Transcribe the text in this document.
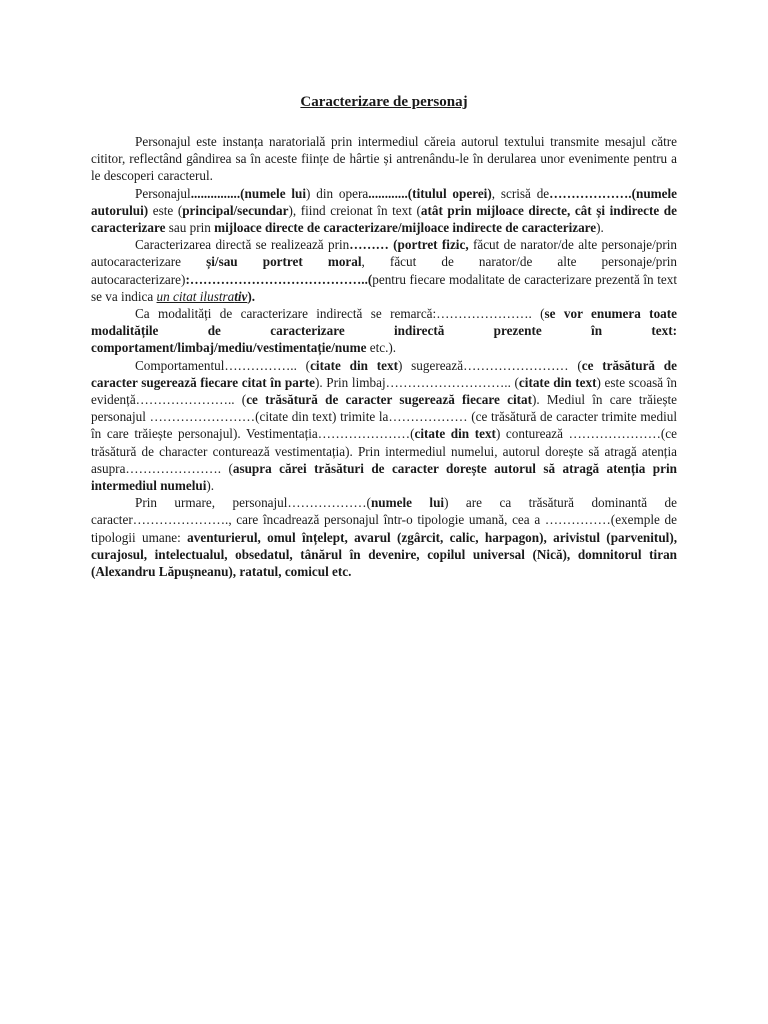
Caracterizare de personaj

Personajul este instanța naratorială prin intermediul căreia autorul textului transmite mesajul către cititor, reflectând gândirea sa în aceste ființe de hârtie și antrenându-le în derularea unor evenimente pentru a le descoperi caracterul.

Personajul...............(numele lui) din opera............(titulul operei), scrisă de……………….(numele autorului) este (principal/secundar), fiind creionat în text (atât prin mijloace directe, cât și indirecte de caracterizare sau prin mijloace directe de caracterizare/mijloace indirecte de caracterizare).

Caracterizarea directă se realizează prin……… (portret fizic, făcut de narator/de alte personaje/prin autocaracterizare și/sau portret moral, făcut de narator/de alte personaje/prin autocaracterizare):…………………………………..(pentru fiecare modalitate de caracterizare prezentă în text se va indica un citat ilustrativ).

Ca modalități de caracterizare indirectă se remarcă:…………………. (se vor enumera toate modalitățile de caracterizare indirectă prezente în text: comportament/limbaj/mediu/vestimentație/nume etc.).

Comportamentul…………….. (citate din text) sugerează…………………… (ce trăsătură de caracter sugerează fiecare citat în parte). Prin limbaj……………………….. (citate din text) este scoasă în evidență………………….. (ce trăsătură de caracter sugerează fiecare citat). Mediul în care trăiește personajul ……………………(citate din text) trimite la……………… (ce trăsătură de caracter trimite mediul în care trăiește personajul). Vestimentația…………………(citate din text) conturează …………………(ce trăsătură de character conturează vestimentația). Prin intermediul numelui, autorul dorește să atragă atenția asupra…………………. (asupra cărei trăsături de caracter dorește autorul să atragă atenția prin intermediul numelui).

Prin urmare, personajul………………(numele lui) are ca trăsătură dominantă de caracter…………………., care încadrează personajul într-o tipologie umană, cea a ……………(exemple de tipologii umane: aventurierul, omul înțelept, avarul (zgârcit, calic, harpagon), arivistul (parvenitul), curajosul, intelectualul, obsedatul, tânărul în devenire, copilul universal (Nică), domnitorul tiran (Alexandru Lăpușneanu), ratatul, comicul etc.
